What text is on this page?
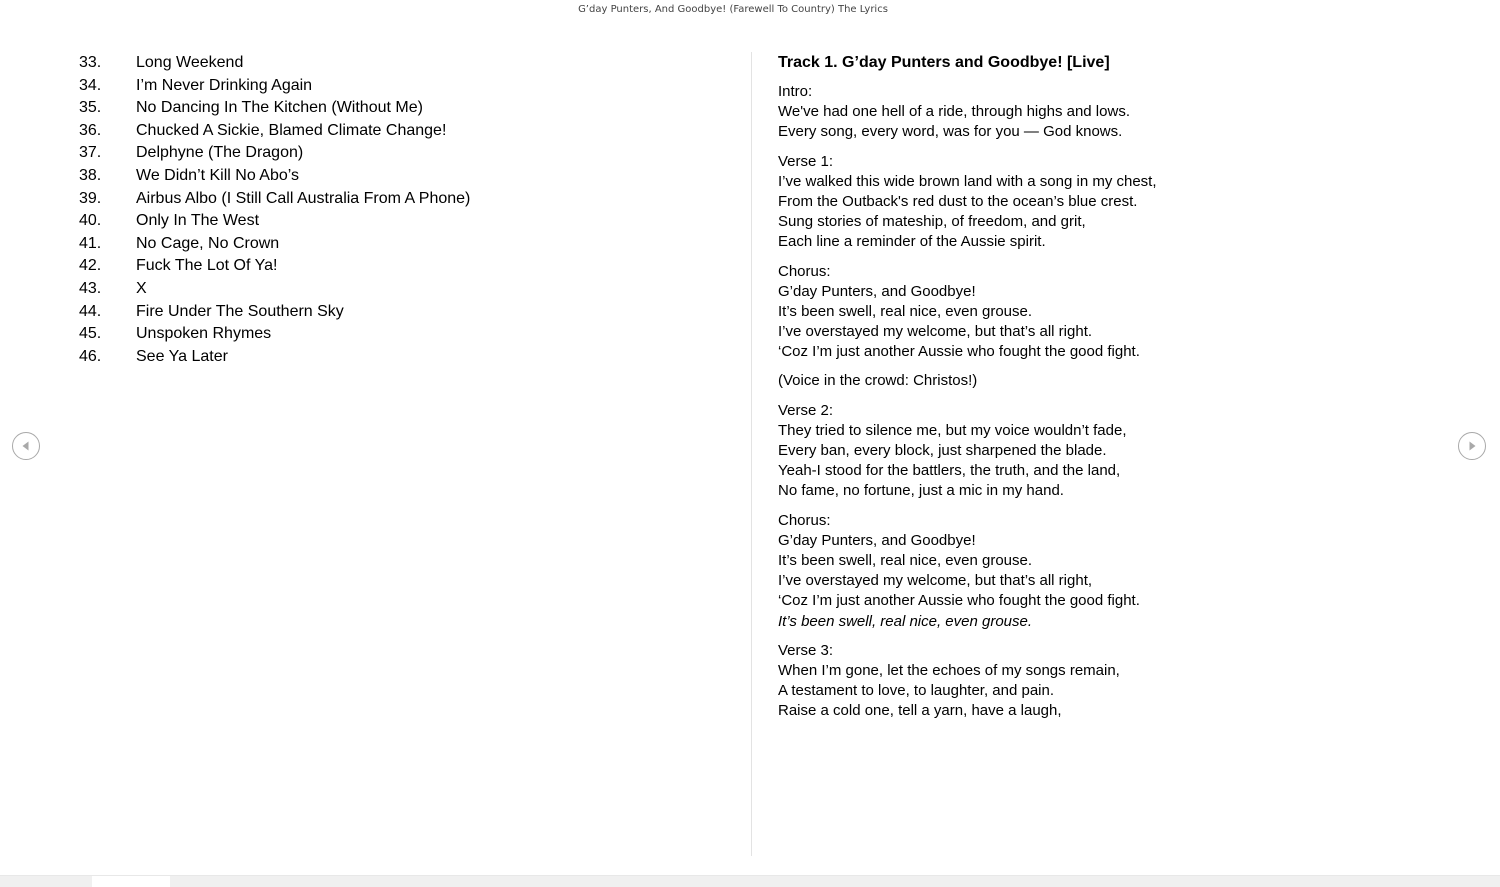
G’day Punters, And Goodbye! (Farewell To Country) The Lyrics
33.	Long Weekend
34.	I’m Never Drinking Again
35.	No Dancing In The Kitchen (Without Me)
36.	Chucked A Sickie, Blamed Climate Change!
37.	Delphyne (The Dragon)
38.	We Didn’t Kill No Abo’s
39.	Airbus Albo (I Still Call Australia From A Phone)
40.	Only In The West
41.	No Cage, No Crown
42.	Fuck The Lot Of Ya!
43.	X
44.	Fire Under The Southern Sky
45.	Unspoken Rhymes
46.	See Ya Later
Track 1. G’day Punters and Goodbye! [Live]
Intro:
We've had one hell of a ride, through highs and lows.
Every song, every word, was for you — God knows.
Verse 1:
I’ve walked this wide brown land with a song in my chest,
From the Outback's red dust to the ocean’s blue crest.
Sung stories of mateship, of freedom, and grit,
Each line a reminder of the Aussie spirit.
Chorus:
G’day Punters, and Goodbye!
It’s been swell, real nice, even grouse.
I’ve overstayed my welcome, but that’s all right.
‘Coz I’m just another Aussie who fought the good fight.
(Voice in the crowd: Christos!)
Verse 2:
They tried to silence me, but my voice wouldn’t fade,
Every ban, every block, just sharpened the blade.
Yeah-I stood for the battlers, the truth, and the land,
No fame, no fortune, just a mic in my hand.
Chorus:
G’day Punters, and Goodbye!
It’s been swell, real nice, even grouse.
I’ve overstayed my welcome, but that’s all right,
‘Coz I’m just another Aussie who fought the good fight.
It’s been swell, real nice, even grouse.
Verse 3:
When I’m gone, let the echoes of my songs remain,
A testament to love, to laughter, and pain.
Raise a cold one, tell a yarn, have a laugh,
